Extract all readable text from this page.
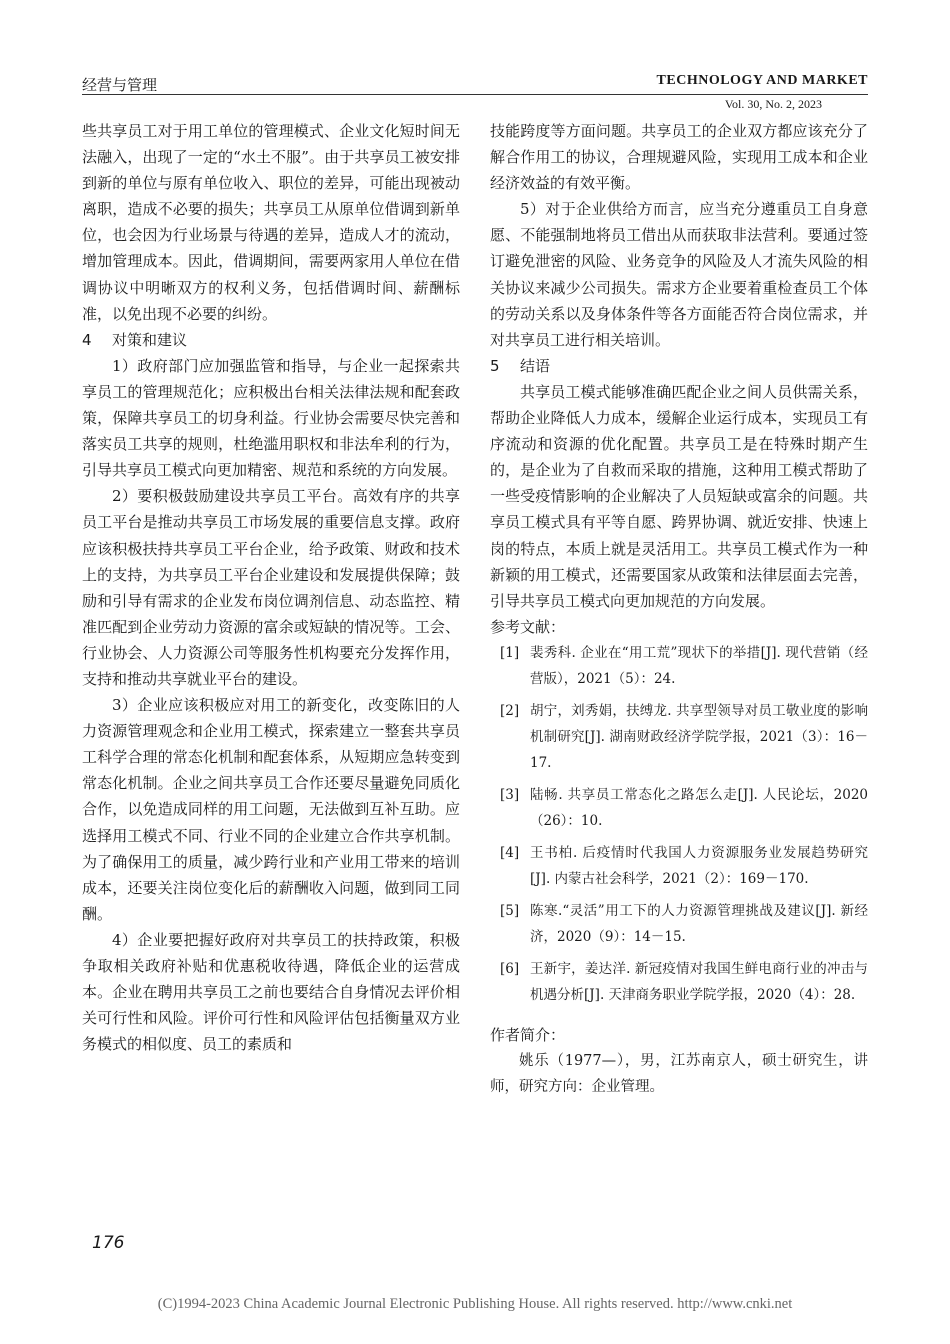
经营与管理	TECHNOLOGY AND MARKET
Vol. 30, No. 2, 2023

些共享员工对于用工单位的管理模式、企业文化短时间无法融入，出现了一定的“水土不服”。由于共享员工被安排到新的单位与原有单位收入、职位的差异，可能出现被动离职，造成不必要的损失；共享员工从原单位借调到新单位，也会因为行业场景与待遇的差异，造成人才的流动，增加管理成本。因此，借调期间，需要两家用人单位在借调协议中明晰双方的权利义务，包括借调时间、薪酬标准，以免出现不必要的纠纷。

4 对策和建议

1）政府部门应加强监管和指导，与企业一起探索共享员工的管理规范化；应积极出台相关法律法规和配套政策，保障共享员工的切身利益。行业协会需要尽快完善和落实员工共享的规则，杜绝滥用职权和非法牟利的行为，引导共享员工模式向更加精密、规范和系统的方向发展。

2）要积极鼓励建设共享员工平台。高效有序的共享员工平台是推动共享员工市场发展的重要信息支撑。政府应该积极扶持共享员工平台企业，给予政策、财政和技术上的支持，为共享员工平台企业建设和发展提供保障；鼓励和引导有需求的企业发布岗位调剂信息、动态监控、精准匹配到企业劳动力资源的富余或短缺的情况等。工会、行业协会、人力资源公司等服务性机构要充分发挥作用，支持和推动共享就业平台的建设。

3）企业应该积极应对用工的新变化，改变陈旧的人力资源管理观念和企业用工模式，探索建立一整套共享员工科学合理的常态化机制和配套体系，从短期应急转变到常态化机制。企业之间共享员工合作还要尽量避免同质化合作，以免造成同样的用工问题，无法做到互补互助。应选择用工模式不同、行业不同的企业建立合作共享机制。为了确保用工的质量，减少跨行业和产业用工带来的培训成本，还要关注岗位变化后的薪酬收入问题，做到同工同酬。

4）企业要把握好政府对共享员工的扶持政策，积极争取相关政府补贴和优惠税收待遇，降低企业的运营成本。企业在聘用共享员工之前也要结合自身情况去评价相关可行性和风险。评价可行性和风险评估包括衡量双方业务模式的相似度、员工的素质和

技能跨度等方面问题。共享员工的企业双方都应该充分了解合作用工的协议，合理规避风险，实现用工成本和企业经济效益的有效平衡。

5）对于企业供给方而言，应当充分遵重员工自身意愿、不能强制地将员工借出从而获取非法营利。要通过签订避免泄密的风险、业务竞争的风险及人才流失风险的相关协议来减少公司损失。需求方企业要着重检查员工个体的劳动关系以及身体条件等各方面能否符合岗位需求，并对共享员工进行相关培训。

5 结语

共享员工模式能够准确匹配企业之间人员供需关系，帮助企业降低人力成本，缓解企业运行成本，实现员工有序流动和资源的优化配置。共享员工是在特殊时期产生的，是企业为了自救而采取的措施，这种用工模式帮助了一些受疫情影响的企业解决了人员短缺或富余的问题。共享员工模式具有平等自愿、跨界协调、就近安排、快速上岗的特点，本质上就是灵活用工。共享员工模式作为一种新颖的用工模式，还需要国家从政策和法律层面去完善，引导共享员工模式向更加规范的方向发展。

参考文献：
[1] 裴秀科. 企业在“用工荒”现状下的举措[J]. 现代营销（经营版），2021（5）：24.
[2] 胡宁，刘秀娟，扶缚龙. 共享型领导对员工敬业度的影响机制研究[J]. 湖南财政经济学院学报，2021（3）：16－17.
[3] 陆畅. 共享员工常态化之路怎么走[J]. 人民论坛，2020（26）：10.
[4] 王书柏. 后疫情时代我国人力资源服务业发展趋势研究[J]. 内蒙古社会科学，2021（2）：169－170.
[5] 陈寒.“灵活”用工下的人力资源管理挑战及建议[J]. 新经济，2020（9）：14－15.
[6] 王新宇，姜达洋. 新冠疫情对我国生鲜电商行业的冲击与机遇分析[J]. 天津商务职业学院学报，2020（4）：28.
作者简介：

姚乐（1977—），男，江苏南京人，硕士研究生，讲师，研究方向：企业管理。

176
(C)1994-2023 China Academic Journal Electronic Publishing House. All rights reserved. http://www.cnki.net
